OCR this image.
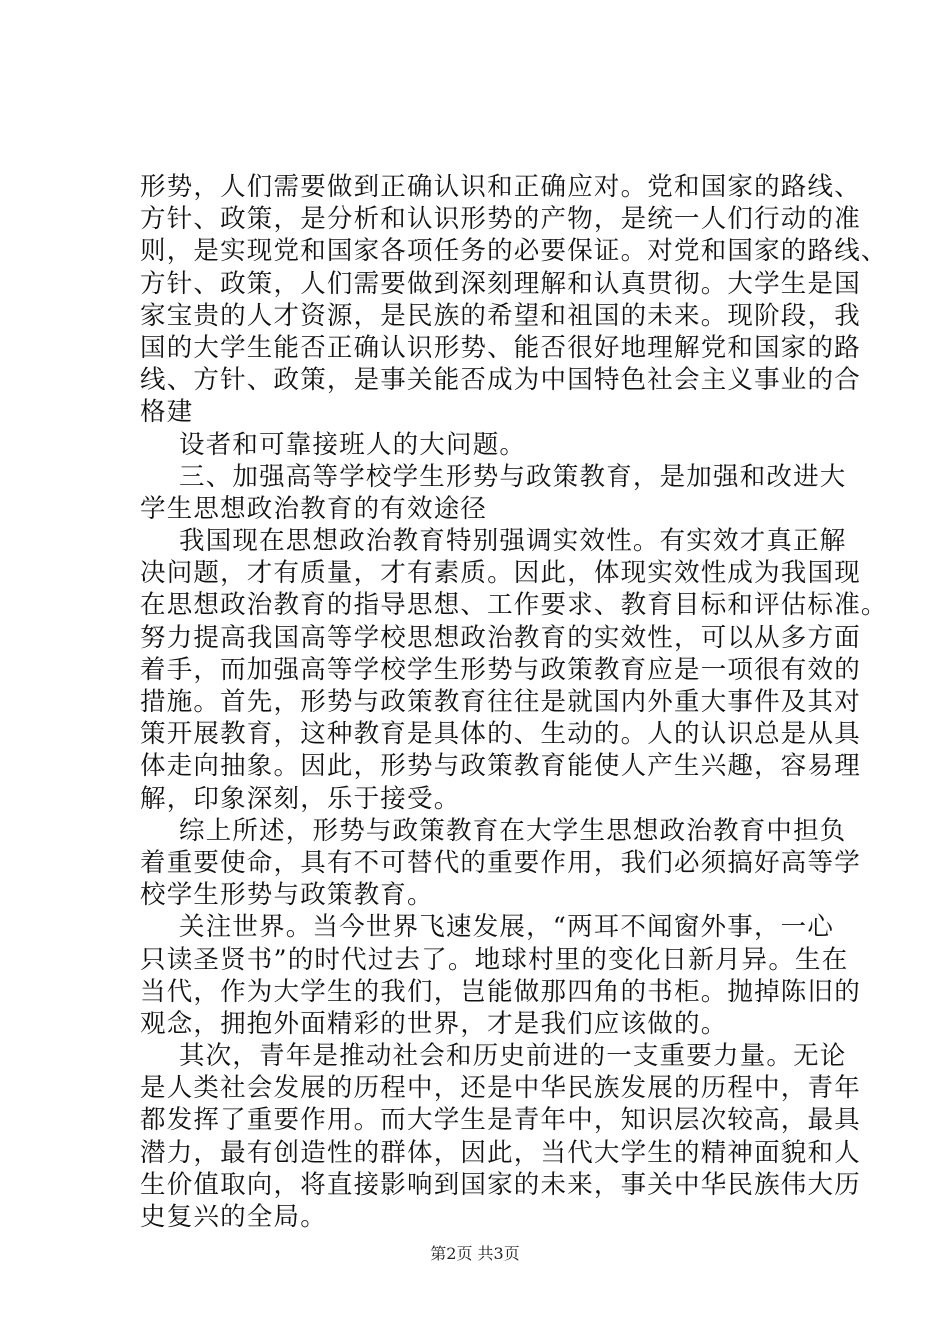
形势，人们需要做到正确认识和正确应对。党和国家的路线、
方针、政策，是分析和认识形势的产物，是统一人们行动的准
则，是实现党和国家各项任务的必要保证。对党和国家的路线、
方针、政策，人们需要做到深刻理解和认真贯彻。大学生是国
家宝贵的人才资源，是民族的希望和祖国的未来。现阶段，我
国的大学生能否正确认识形势、能否很好地理解党和国家的路
线、方针、政策，是事关能否成为中国特色社会主义事业的合
格建
设者和可靠接班人的大问题。
三、加强高等学校学生形势与政策教育，是加强和改进大
学生思想政治教育的有效途径
我国现在思想政治教育特别强调实效性。有实效才真正解
决问题，才有质量，才有素质。因此，体现实效性成为我国现
在思想政治教育的指导思想、工作要求、教育目标和评估标准。
努力提高我国高等学校思想政治教育的实效性，可以从多方面
着手，而加强高等学校学生形势与政策教育应是一项很有效的
措施。首先，形势与政策教育往往是就国内外重大事件及其对
策开展教育，这种教育是具体的、生动的。人的认识总是从具
体走向抽象。因此，形势与政策教育能使人产生兴趣，容易理
解，印象深刻，乐于接受。
综上所述，形势与政策教育在大学生思想政治教育中担负
着重要使命，具有不可替代的重要作用，我们必须搞好高等学
校学生形势与政策教育。
关注世界。当今世界飞速发展，“两耳不闻窗外事，一心
只读圣贤书”的时代过去了。地球村里的变化日新月异。生在
当代，作为大学生的我们，岂能做那四角的书柜。抛掉陈旧的
观念，拥抱外面精彩的世界，才是我们应该做的。
其次，青年是推动社会和历史前进的一支重要力量。无论
是人类社会发展的历程中，还是中华民族发展的历程中，青年
都发挥了重要作用。而大学生是青年中，知识层次较高，最具
潜力，最有创造性的群体，因此，当代大学生的精神面貌和人
生价值取向，将直接影响到国家的未来，事关中华民族伟大历
史复兴的全局。
第2页 共3页
